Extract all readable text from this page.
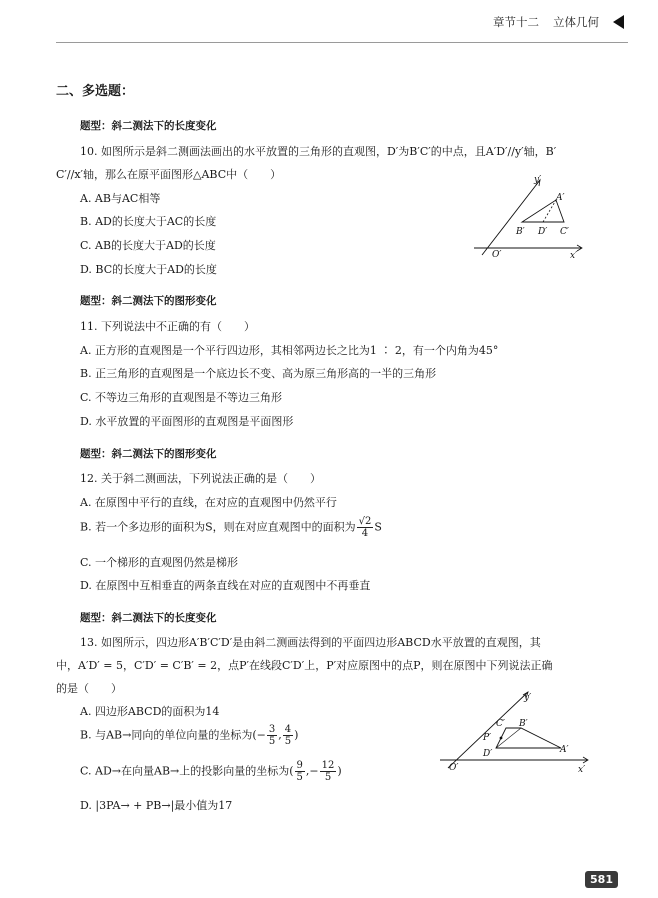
章节十二 立体几何
二、多选题：
题型：斜二测法下的长度变化
10. 如图所示是斜二测画法画出的水平放置的三角形的直观图，D′为B′C′的中点，且A′D′//y′轴，B′
C′//x′轴，那么在原平面图形△ABC中（　　）
A. AB与AC相等
B. AD的长度大于AC的长度
C. AB的长度大于AD的长度
D. BC的长度大于AD的长度
y′
A′
B′ D′ C′
O′	x′
题型：斜二测法下的图形变化
11. 下列说法中不正确的有（　　）
A. 正方形的直观图是一个平行四边形，其相邻两边长之比为1 ∶ 2，有一个内角为45°
B. 正三角形的直观图是一个底边长不变、高为原三角形高的一半的三角形
C. 不等边三角形的直观图是不等边三角形
D. 水平放置的平面图形的直观图是平面图形
题型：斜二测法下的图形变化
12. 关于斜二测画法，下列说法正确的是（　　）
A. 在原图中平行的直线，在对应的直观图中仍然平行
B. 若一个多边形的面积为S，则在对应直观图中的面积为 $\frac{√2}{4}$ S
C. 一个梯形的直观图仍然是梯形
D. 在原图中互相垂直的两条直线在对应的直观图中不再垂直
题型：斜二测法下的长度变化
13. 如图所示，四边形A′B′C′D′是由斜二测画法得到的平面四边形ABCD水平放置的直观图，其
中，A′D′ = 5，C′D′ = C′B′ = 2，点P′在线段C′D′上，P′对应原图中的点P，则在原图中下列说法正确
的是（　　）
A. 四边形ABCD的面积为14
B. 与AB→同向的单位向量的坐标为(− $\frac{3}{5}$ , $\frac{4}{5}$ )
C. AD→在向量AB→上的投影向量的坐标为( $\frac{9}{5}$ ,− $\frac{12}{5}$ )
D. |3PA→ + PB→|最小值为17
y′
C′ B′
P′
D′	A′
O′	x′
581
